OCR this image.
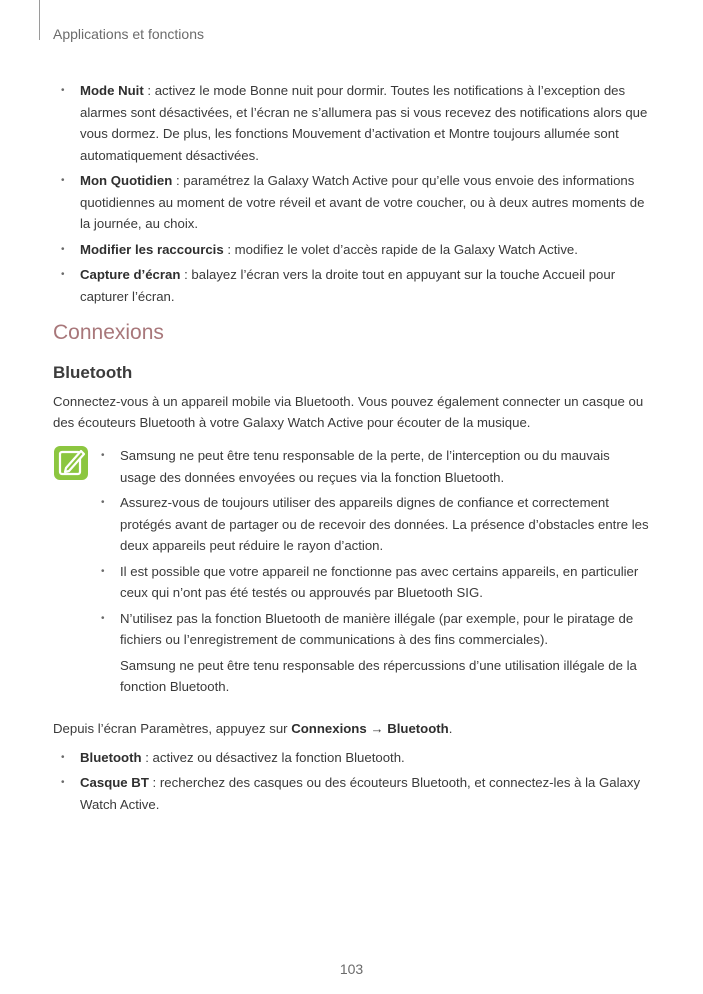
Applications et fonctions
• Mode Nuit : activez le mode Bonne nuit pour dormir. Toutes les notifications à l’exception des alarmes sont désactivées, et l’écran ne s’allumera pas si vous recevez des notifications alors que vous dormez. De plus, les fonctions Mouvement d’activation et Montre toujours allumée sont automatiquement désactivées.
• Mon Quotidien : paramétrez la Galaxy Watch Active pour qu’elle vous envoie des informations quotidiennes au moment de votre réveil et avant de votre coucher, ou à deux autres moments de la journée, au choix.
• Modifier les raccourcis : modifiez le volet d’accès rapide de la Galaxy Watch Active.
• Capture d’écran : balayez l’écran vers la droite tout en appuyant sur la touche Accueil pour capturer l’écran.
Connexions
Bluetooth
Connectez-vous à un appareil mobile via Bluetooth. Vous pouvez également connecter un casque ou des écouteurs Bluetooth à votre Galaxy Watch Active pour écouter de la musique.
• Samsung ne peut être tenu responsable de la perte, de l’interception ou du mauvais usage des données envoyées ou reçues via la fonction Bluetooth.
• Assurez-vous de toujours utiliser des appareils dignes de confiance et correctement protégés avant de partager ou de recevoir des données. La présence d’obstacles entre les deux appareils peut réduire le rayon d’action.
• Il est possible que votre appareil ne fonctionne pas avec certains appareils, en particulier ceux qui n’ont pas été testés ou approuvés par Bluetooth SIG.
• N’utilisez pas la fonction Bluetooth de manière illégale (par exemple, pour le piratage de fichiers ou l’enregistrement de communications à des fins commerciales).
Samsung ne peut être tenu responsable des répercussions d’une utilisation illégale de la fonction Bluetooth.
Depuis l’écran Paramètres, appuyez sur Connexions → Bluetooth.
• Bluetooth : activez ou désactivez la fonction Bluetooth.
• Casque BT : recherchez des casques ou des écouteurs Bluetooth, et connectez-les à la Galaxy Watch Active.
103
